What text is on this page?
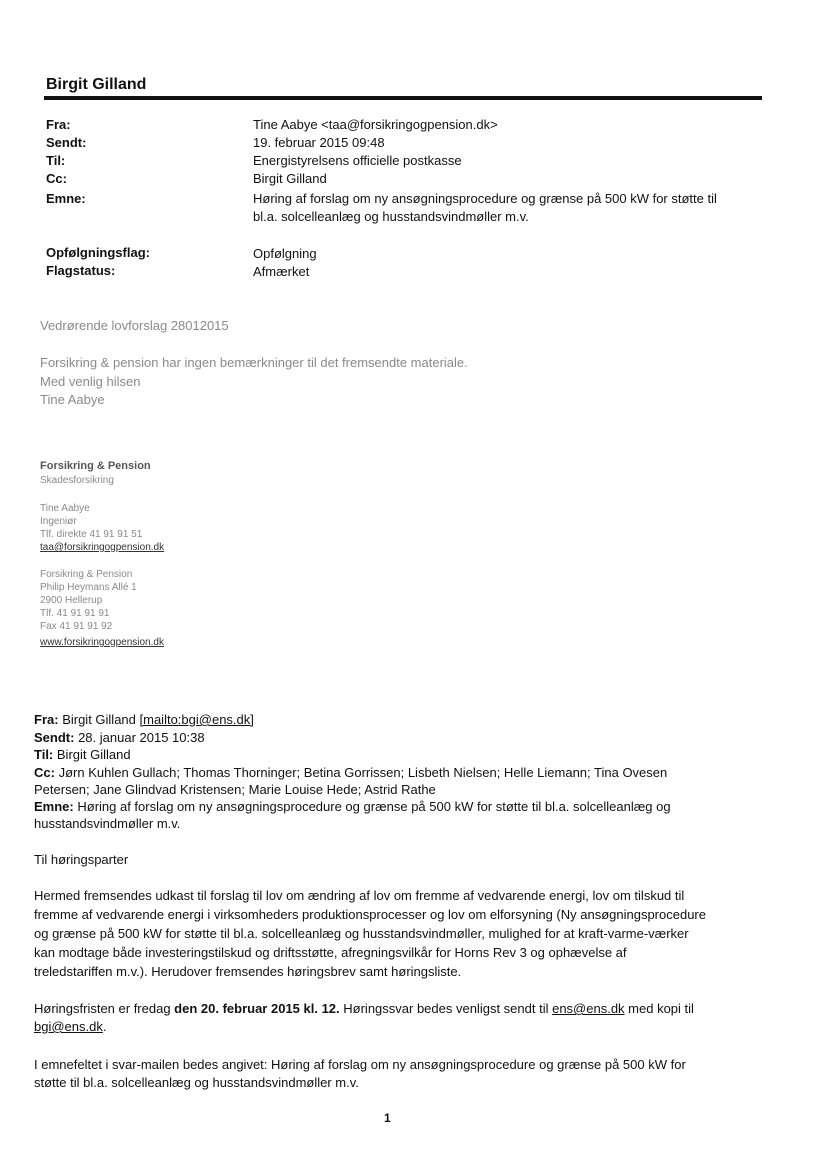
Birgit Gilland
Fra:	Tine Aabye <taa@forsikringogpension.dk>
Sendt:	19. februar 2015 09:48
Til:	Energistyrelsens officielle postkasse
Cc:	Birgit Gilland
Emne:	Høring af forslag om ny ansøgningsprocedure og grænse på 500 kW for støtte til
bl.a. solcelleanlæg og husstandsvindmøller m.v.
Opfølgningsflag:	Opfølgning
Flagstatus:	Afmærket
Vedrørende lovforslag 28012015
Forsikring & pension har ingen bemærkninger til det fremsendte materiale.
Med venlig hilsen
Tine Aabye
Forsikring & Pension
Skadesforsikring
Tine Aabye
Ingeniør
Tlf. direkte 41 91 91 51
taa@forsikringogpension.dk
Forsikring & Pension
Philip Heymans Allé 1
2900 Hellerup
Tlf. 41 91 91 91
Fax 41 91 91 92
www.forsikringogpension.dk
Fra: Birgit Gilland [mailto:bgi@ens.dk]
Sendt: 28. januar 2015 10:38
Til: Birgit Gilland
Cc: Jørn Kuhlen Gullach; Thomas Thorninger; Betina Gorrissen; Lisbeth Nielsen; Helle Liemann; Tina Ovesen
Petersen; Jane Glindvad Kristensen; Marie Louise Hede; Astrid Rathe
Emne: Høring af forslag om ny ansøgningsprocedure og grænse på 500 kW for støtte til bl.a. solcelleanlæg og
husstandsvindmøller m.v.
Til høringsparter
Hermed fremsendes udkast til forslag til lov om ændring af lov om fremme af vedvarende energi, lov om tilskud til
fremme af vedvarende energi i virksomheders produktionsprocesser og lov om elforsyning (Ny ansøgningsprocedure
og grænse på 500 kW for støtte til bl.a. solcelleanlæg og husstandsvindmøller, mulighed for at kraft-varme-værker
kan modtage både investeringstilskud og driftsstøtte, afregningsvilkår for Horns Rev 3 og ophævelse af
treledstariffen m.v.). Herudover fremsendes høringsbrev samt høringsliste.
Høringsfristen er fredag den 20. februar 2015 kl. 12. Høringssvar bedes venligst sendt til ens@ens.dk med kopi til
bgi@ens.dk.
I emnefeltet i svar-mailen bedes angivet: Høring af forslag om ny ansøgningsprocedure og grænse på 500 kW for
støtte til bl.a. solcelleanlæg og husstandsvindmøller m.v.
1
